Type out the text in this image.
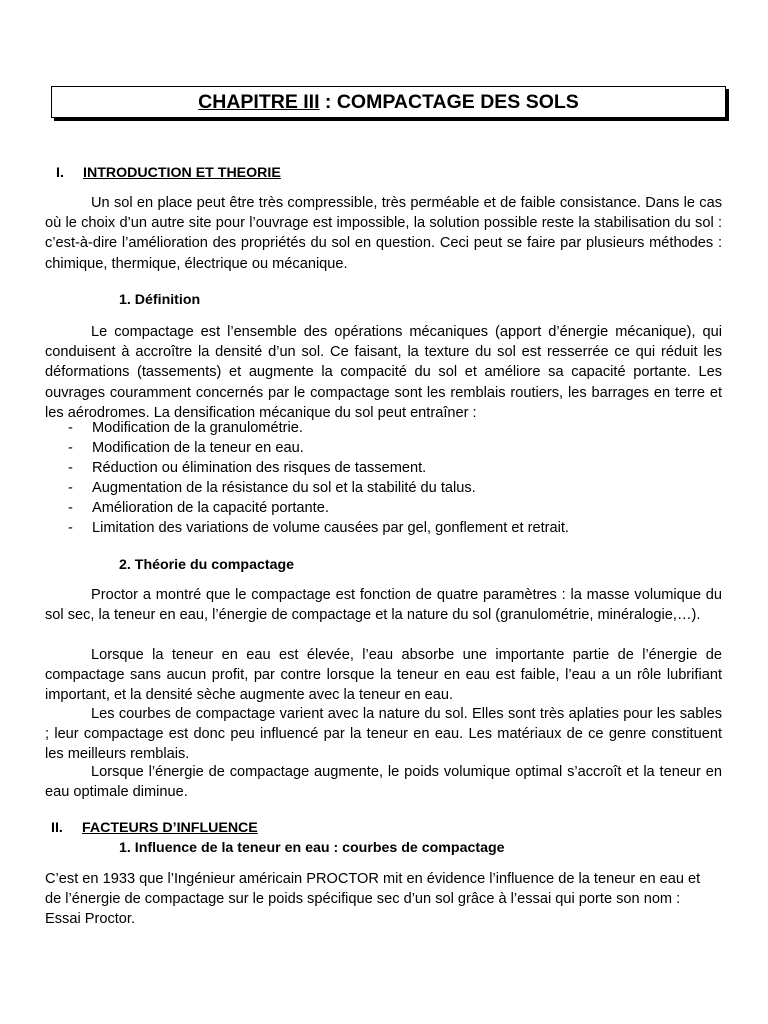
CHAPITRE III : COMPACTAGE DES SOLS
I. INTRODUCTION ET THEORIE

Un sol en place peut être très compressible, très perméable et de faible consistance. Dans le cas où le choix d’un autre site pour l’ouvrage est impossible, la solution possible reste la stabilisation du sol : c’est-à-dire l’amélioration des propriétés du sol en question. Ceci peut se faire par plusieurs méthodes : chimique, thermique, électrique ou mécanique.

1. Définition

Le compactage est l’ensemble des opérations mécaniques (apport d’énergie mécanique), qui conduisent à accroître la densité d’un sol. Ce faisant, la texture du sol est resserrée ce qui réduit les déformations (tassements) et augmente la compacité du sol et améliore sa capacité portante. Les ouvrages couramment concernés par le compactage sont les remblais routiers, les barrages en terre et les aérodromes. La densification mécanique du sol peut entraîner :

- Modification de la granulométrie.
- Modification de la teneur en eau.
- Réduction ou élimination des risques de tassement.
- Augmentation de la résistance du sol et la stabilité du talus.
- Amélioration de la capacité portante.
- Limitation des variations de volume causées par gel, gonflement et retrait.
2. Théorie du compactage

Proctor a montré que le compactage est fonction de quatre paramètres : la masse volumique du sol sec, la teneur en eau, l’énergie de compactage et la nature du sol (granulométrie, minéralogie,…).

Lorsque la teneur en eau est élevée, l’eau absorbe une importante partie de l’énergie de compactage sans aucun profit, par contre lorsque la teneur en eau est faible, l’eau a un rôle lubrifiant important, et la densité sèche augmente avec la teneur en eau.

Les courbes de compactage varient avec la nature du sol. Elles sont très aplaties pour les sables ; leur compactage est donc peu influencé par la teneur en eau. Les matériaux de ce genre constituent les meilleurs remblais.

Lorsque l’énergie de compactage augmente, le poids volumique optimal s’accroît et la teneur en eau optimale diminue.

II. FACTEURS D’INFLUENCE
1. Influence de la teneur en eau : courbes de compactage

C’est en 1933 que l’Ingénieur américain PROCTOR mit en évidence l’influence de la teneur en eau et de l’énergie de compactage sur le poids spécifique sec d’un sol grâce à l’essai qui porte son nom : Essai Proctor.
